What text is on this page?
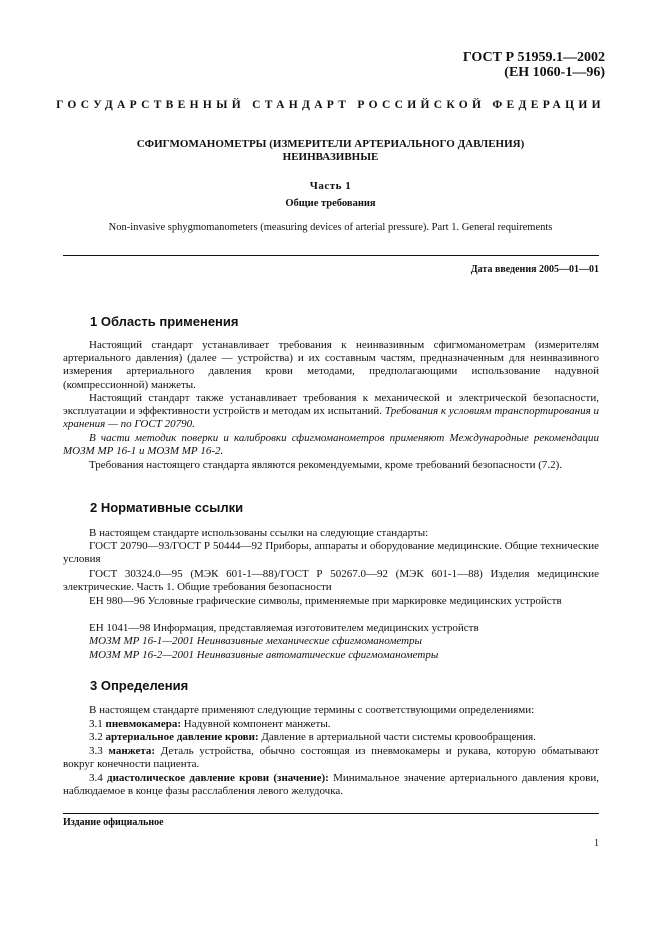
ГОСТ Р 51959.1—2002
(ЕН 1060-1—96)
ГОСУДАРСТВЕННЫЙ СТАНДАРТ РОССИЙСКОЙ ФЕДЕРАЦИИ
СФИГМОМАНОМЕТРЫ (ИЗМЕРИТЕЛИ АРТЕРИАЛЬНОГО ДАВЛЕНИЯ)
НЕИНВАЗИВНЫЕ
Часть 1
Общие требования
Non-invasive sphygmomanometers (measuring devices of arterial pressure). Part 1. General requirements
Дата введения 2005—01—01
1 Область применения

Настоящий стандарт устанавливает требования к неинвазивным сфигмоманометрам (измерителям артериального давления) (далее — устройства) и их составным частям, предназначенным для неинвазивного измерения артериального давления крови методами, предполагающими использование надувной (компрессионной) манжеты.

Настоящий стандарт также устанавливает требования к механической и электрической безопасности, эксплуатации и эффективности устройств и методам их испытаний. Требования к условиям транспортирования и хранения — по ГОСТ 20790.

В части методик поверки и калибровки сфигмоманометров применяют Международные рекомендации МОЗМ МР 16-1 и МОЗМ МР 16-2.

Требования настоящего стандарта являются рекомендуемыми, кроме требований безопасности (7.2).

2 Нормативные ссылки

В настоящем стандарте использованы ссылки на следующие стандарты:

ГОСТ 20790—93/ГОСТ Р 50444—92 Приборы, аппараты и оборудование медицинские. Общие технические условия

ГОСТ 30324.0—95 (МЭК 601-1—88)/ГОСТ Р 50267.0—92 (МЭК 601-1—88) Изделия медицинские электрические. Часть 1. Общие требования безопасности

ЕН 980—96 Условные графические символы, применяемые при маркировке медицинских устройств

ЕН 1041—98 Информация, представляемая изготовителем медицинских устройств

МОЗМ МР 16-1—2001 Неинвазивные механические сфигмоманометры

МОЗМ МР 16-2—2001 Неинвазивные автоматические сфигмоманометры

3 Определения

В настоящем стандарте применяют следующие термины с соответствующими определениями:

3.1 пневмокамера: Надувной компонент манжеты.

3.2 артериальное давление крови: Давление в артериальной части системы кровообращения.

3.3 манжета: Деталь устройства, обычно состоящая из пневмокамеры и рукава, которую обматывают вокруг конечности пациента.

3.4 диастолическое давление крови (значение): Минимальное значение артериального давления крови, наблюдаемое в конце фазы расслабления левого желудочка.

Издание официальное
1
